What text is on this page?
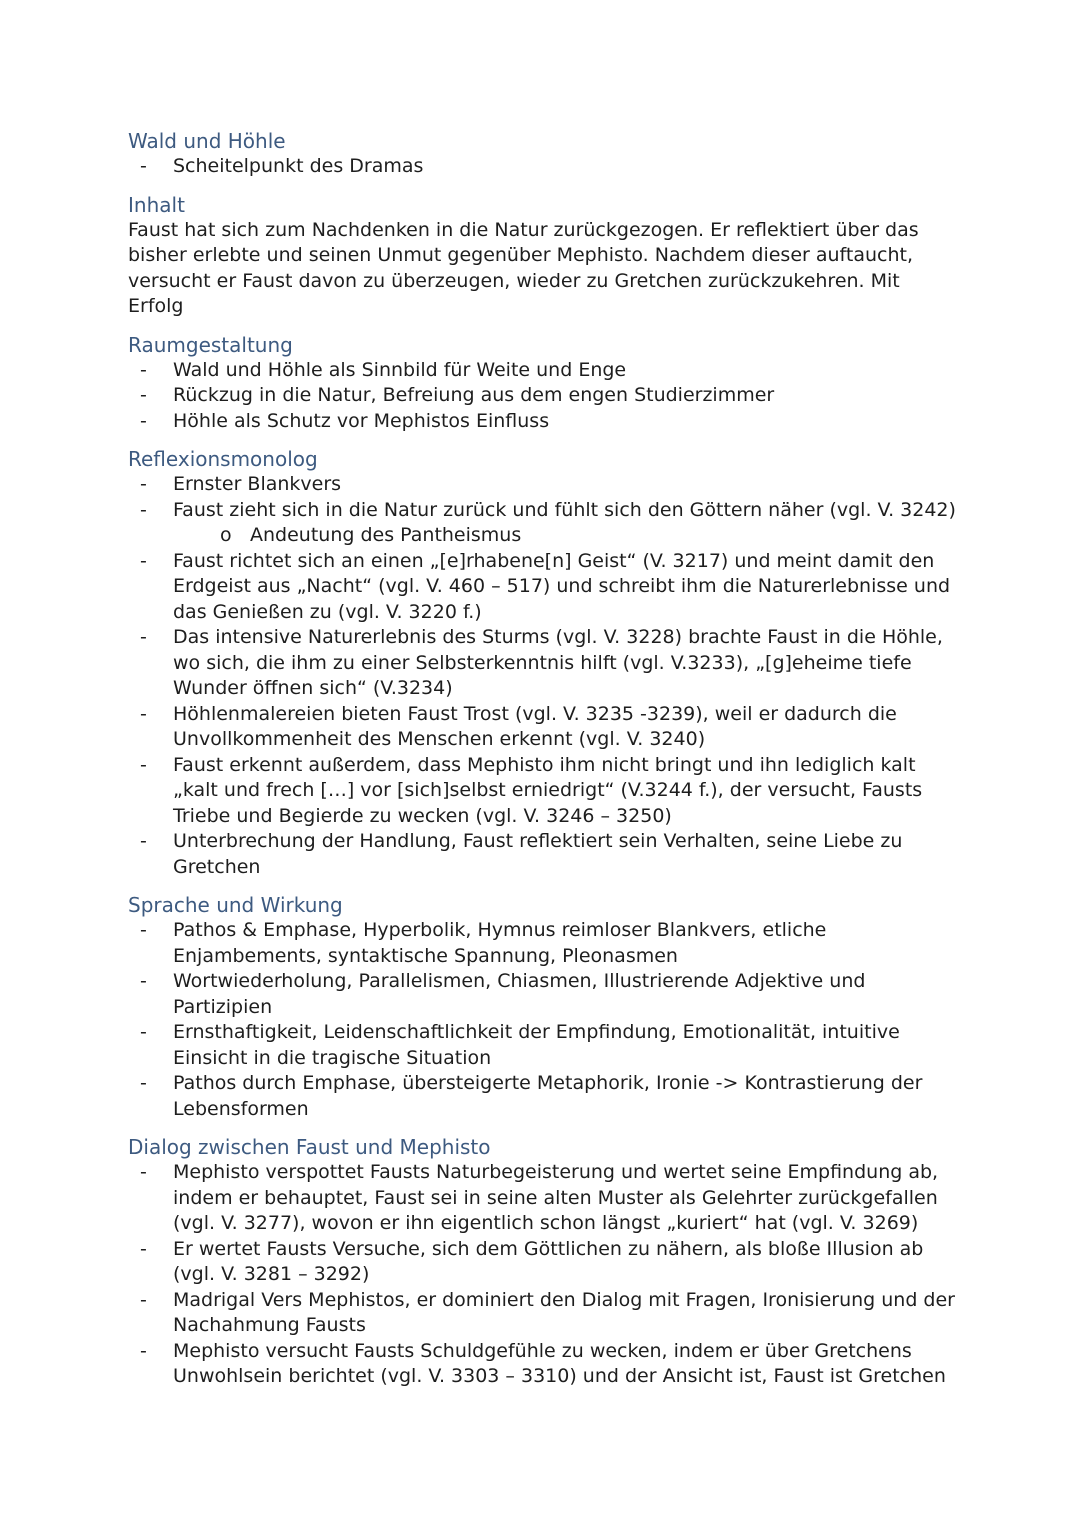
Wald und Höhle
- Scheitelpunkt des Dramas
Inhalt

Faust hat sich zum Nachdenken in die Natur zurückgezogen. Er reflektiert über das bisher erlebte und seinen Unmut gegenüber Mephisto. Nachdem dieser auftaucht, versucht er Faust davon zu überzeugen, wieder zu Gretchen zurückzukehren. Mit Erfolg

Raumgestaltung
- Wald und Höhle als Sinnbild für Weite und Enge
- Rückzug in die Natur, Befreiung aus dem engen Studierzimmer
- Höhle als Schutz vor Mephistos Einfluss
Reflexionsmonolog
- Ernster Blankvers
- Faust zieht sich in die Natur zurück und fühlt sich den Göttern näher (vgl. V. 3242)
o Andeutung des Pantheismus
- Faust richtet sich an einen „[e]rhabene[n] Geist“ (V. 3217) und meint damit den Erdgeist aus „Nacht“ (vgl. V. 460 – 517) und schreibt ihm die Naturerlebnisse und das Genießen zu (vgl. V. 3220 f.)
- Das intensive Naturerlebnis des Sturms (vgl. V. 3228) brachte Faust in die Höhle, wo sich, die ihm zu einer Selbsterkenntnis hilft (vgl. V.3233), „[g]eheime tiefe Wunder öffnen sich“ (V.3234)
- Höhlenmalereien bieten Faust Trost (vgl. V. 3235 -3239), weil er dadurch die Unvollkommenheit des Menschen erkennt (vgl. V. 3240)
- Faust erkennt außerdem, dass Mephisto ihm nicht bringt und ihn lediglich kalt „kalt und frech […] vor [sich]selbst erniedrigt“ (V.3244 f.), der versucht, Fausts Triebe und Begierde zu wecken (vgl. V. 3246 – 3250)
- Unterbrechung der Handlung, Faust reflektiert sein Verhalten, seine Liebe zu Gretchen
Sprache und Wirkung
- Pathos & Emphase, Hyperbolik, Hymnus reimloser Blankvers, etliche Enjambements, syntaktische Spannung, Pleonasmen
- Wortwiederholung, Parallelismen, Chiasmen, Illustrierende Adjektive und Partizipien
- Ernsthaftigkeit, Leidenschaftlichkeit der Empfindung, Emotionalität, intuitive Einsicht in die tragische Situation
- Pathos durch Emphase, übersteigerte Metaphorik, Ironie -> Kontrastierung der Lebensformen
Dialog zwischen Faust und Mephisto
- Mephisto verspottet Fausts Naturbegeisterung und wertet seine Empfindung ab, indem er behauptet, Faust sei in seine alten Muster als Gelehrter zurückgefallen (vgl. V. 3277), wovon er ihn eigentlich schon längst „kuriert“ hat (vgl. V. 3269)
- Er wertet Fausts Versuche, sich dem Göttlichen zu nähern, als bloße Illusion ab (vgl. V. 3281 – 3292)
- Madrigal Vers Mephistos, er dominiert den Dialog mit Fragen, Ironisierung und der Nachahmung Fausts
- Mephisto versucht Fausts Schuldgefühle zu wecken, indem er über Gretchens Unwohlsein berichtet (vgl. V. 3303 – 3310) und der Ansicht ist, Faust ist Gretchen
